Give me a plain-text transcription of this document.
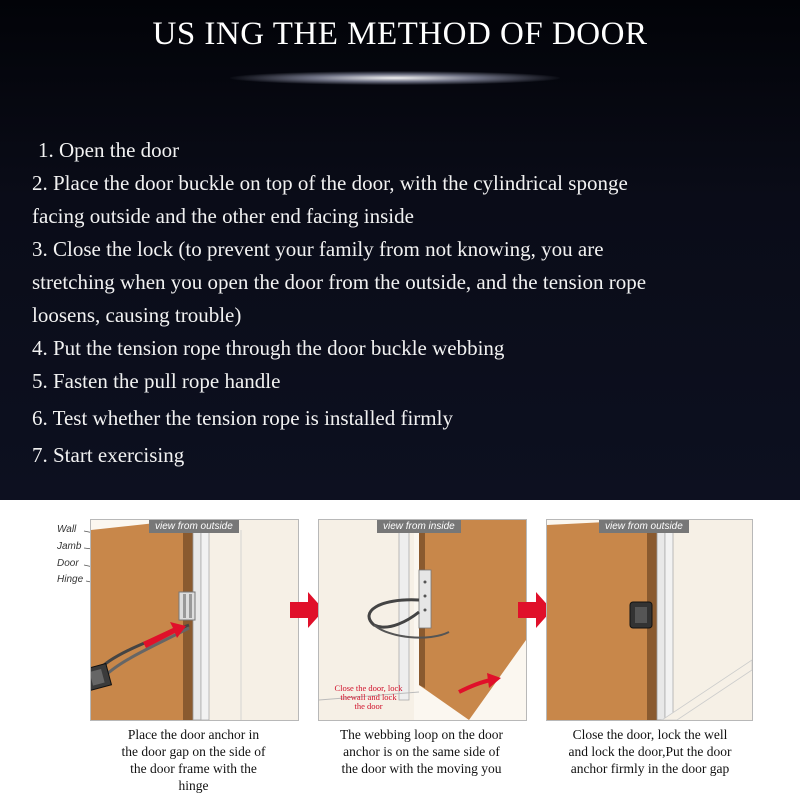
US ING THE METHOD OF DOOR
1. Open the door
2. Place the door buckle on top of the door, with the cylindrical sponge
facing outside and the other end facing inside
3. Close the lock (to prevent your family from not knowing, you are
stretching when you open the door from the outside, and the tension rope
loosens, causing trouble)
4. Put the tension rope through the door buckle webbing
5. Fasten the pull rope handle
6. Test whether the tension rope is installed firmly
7. Start exercising
Wall
Jamb
Door
Hinge
view from outside	view from inside
Close the door, lock
thewall and lock
the door
view from outside
Place the door anchor in
the door gap on the side of
the door frame with the
hinge
The webbing loop on the door
anchor is on the same side of
the door with the moving you
Close the door, lock the well
and lock the door,Put the door
anchor firmly in the door gap
